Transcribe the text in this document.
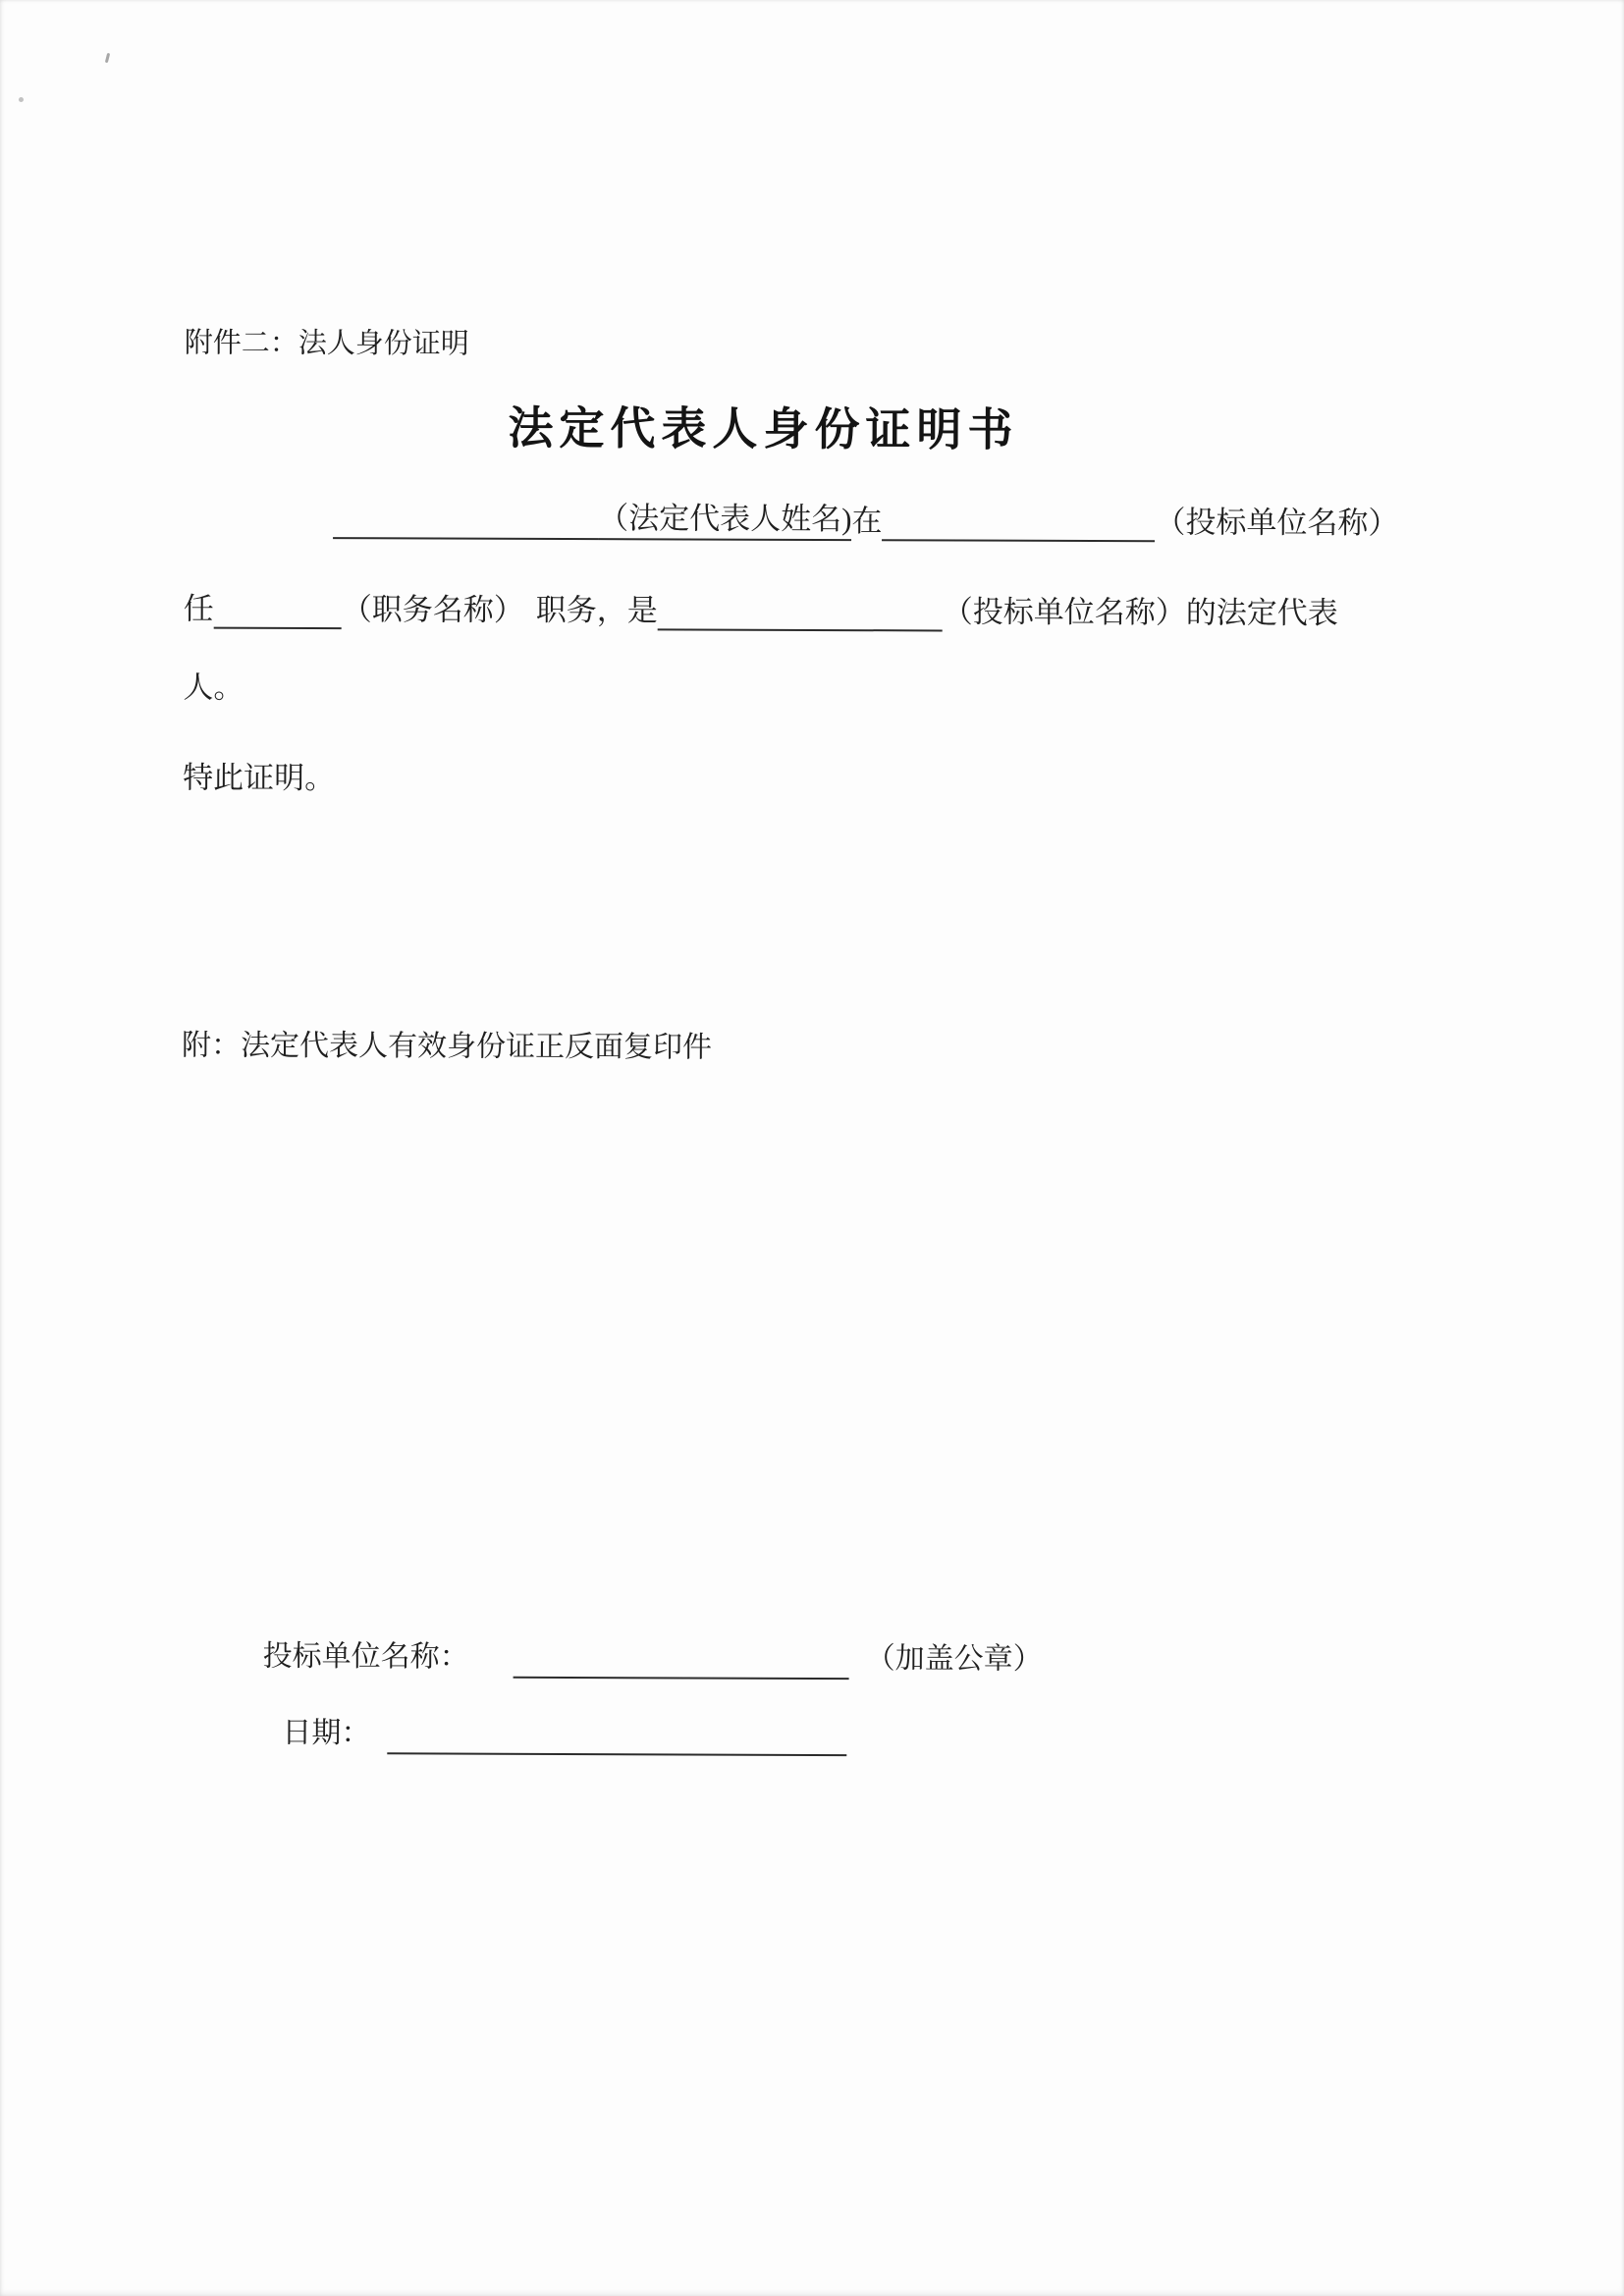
附件二：法人身份证明
法定代表人身份证明书
（法定代表人姓名) 在	（投标单位名称）
任	（职务名称） 职务，是	（投标单位名称） 的法定代表
人。
特此证明。
附：法定代表人有效身份证正反面复印件
投标单位名称：	（加盖公章）
日期：
